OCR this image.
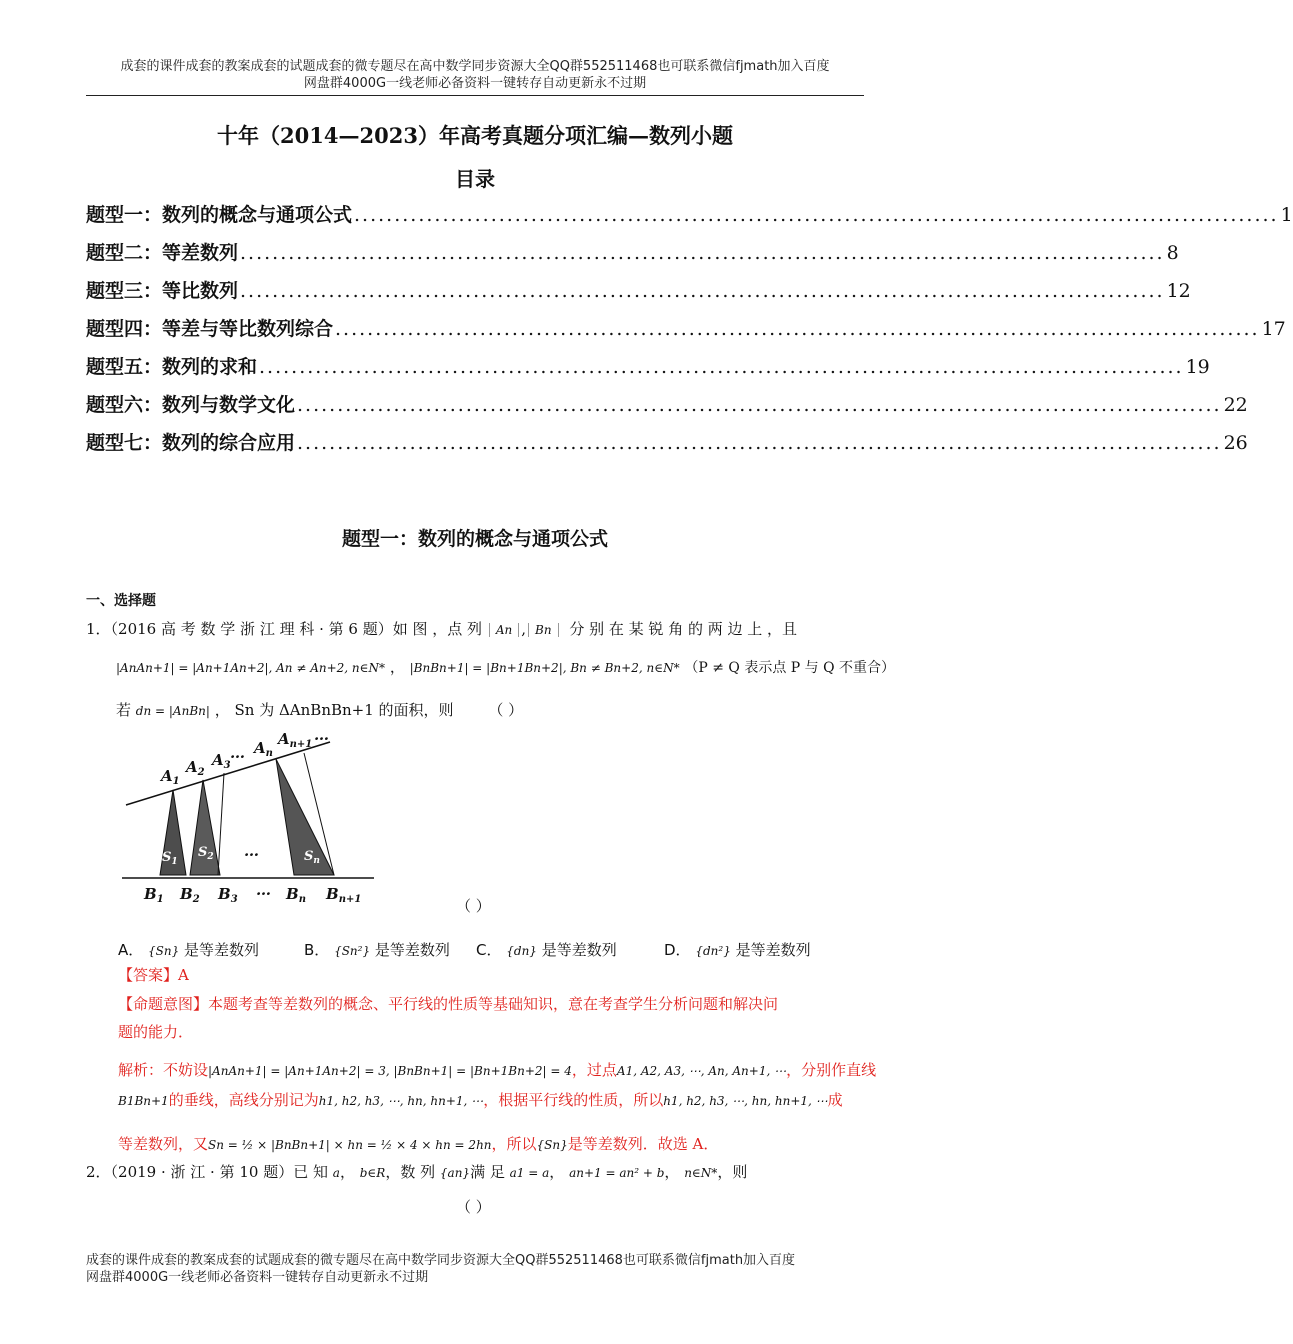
成套的课件成套的教案成套的试题成套的微专题尽在高中数学同步资源大全QQ群552511468也可联系微信fjmath加入百度
网盘群4000G一线老师必备资料一键转存自动更新永不过期
十年（2014—2023）年高考真题分项汇编—数列小题
目录
题型一：数列的概念与通项公式 ................................................................................................................... 1
题型二：等差数列 ................................................................................................................... 8
题型三：等比数列 ................................................................................................................... 12
题型四：等差与等比数列综合 ................................................................................................................... 17
题型五：数列的求和 ................................................................................................................... 19
题型六：数列与数学文化 ................................................................................................................... 22
题型七：数列的综合应用 ................................................................................................................... 26
题型一：数列的概念与通项公式
一、选择题
1．（2016 高 考 数 学 浙 江 理 科 · 第 6 题）如 图 ，点 列 An , Bn 分 别 在 某 锐 角 的 两 边 上 ，且
|AnAn+1| = |An+1An+2|, An ≠ An+2, n∈N* ， |BnBn+1| = |Bn+1Bn+2|, Bn ≠ Bn+2, n∈N* （P ≠ Q 表示点 P 与 Q 不重合）
若 dn = |AnBn| ， Sn 为 ΔAnBnBn+1 的面积，则 （ ）
$A_1$
$A_2$
$A_3$
… $A_n$
$A_{n+1}$
…
$S_1$
$S_2$ …	$S_n$
$B_1$ $B_2$ $B_3$
… $B_n$ $B_{n+1}$	（ ）
A． {Sn} 是等差数列	B． {Sn²} 是等差数列 C． {dn} 是等差数列	D． {dn²} 是等差数列
【答案】A
【命题意图】本题考查等差数列的概念、平行线的性质等基础知识，意在考查学生分析问题和解决问
题的能力．
解析：不妨设|AnAn+1| = |An+1An+2| = 3, |BnBn+1| = |Bn+1Bn+2| = 4，过点A1, A2, A3, ⋯, An, An+1, ⋯，分别作直线
B1Bn+1的垂线，高线分别记为h1, h2, h3, ⋯, hn, hn+1, ⋯，根据平行线的性质，所以h1, h2, h3, ⋯, hn, hn+1, ⋯成
等差数列，又Sn = ½ × |BnBn+1| × hn = ½ × 4 × hn = 2hn，所以{Sn}是等差数列．故选 A．
2．（2019 · 浙 江 · 第 10 题）已 知 a， b∈R，数 列 {an}满 足 a1 = a， an+1 = an² + b， n∈N*，则
（ ）
成套的课件成套的教案成套的试题成套的微专题尽在高中数学同步资源大全QQ群552511468也可联系微信fjmath加入百度
网盘群4000G一线老师必备资料一键转存自动更新永不过期
